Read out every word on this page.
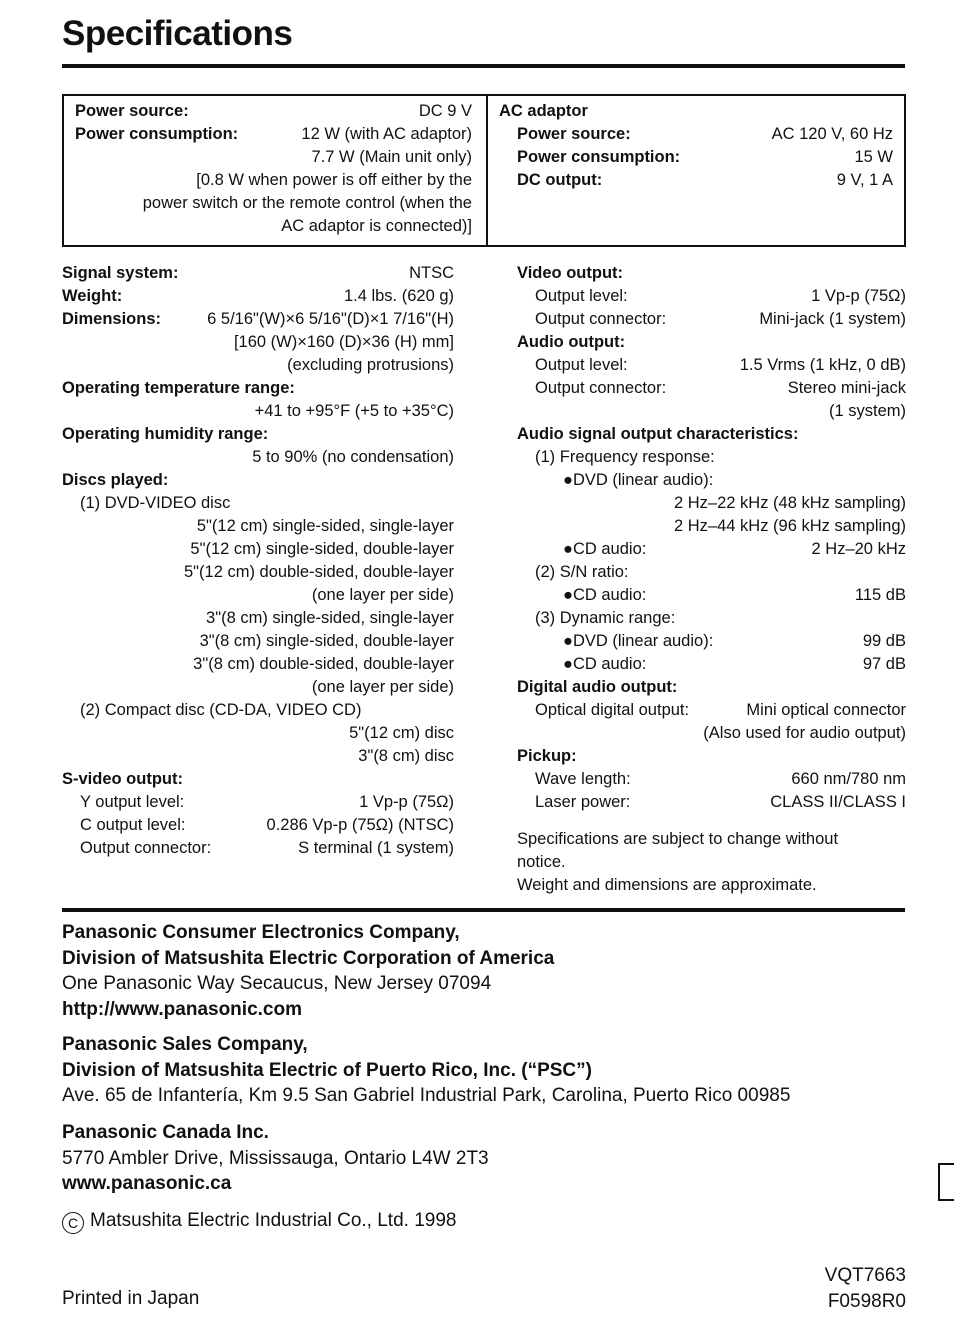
Specifications
Power source:	DC 9 V
Power consumption:	12 W (with AC adaptor)
7.7 W (Main unit only)
[0.8 W when power is off either by the
power switch or the remote control (when the
AC adaptor is connected)]
AC adaptor
Power source:	AC 120 V, 60 Hz
Power consumption:	15 W
DC output:	9 V, 1 A
Signal system:	NTSC
Weight:	1.4 lbs. (620 g)
Dimensions:	6 5/16"(W)×6 5/16"(D)×1 7/16"(H)
[160 (W)×160 (D)×36 (H) mm]
(excluding protrusions)
Operating temperature range:
+41 to +95°F (+5 to +35°C)
Operating humidity range:
5 to 90% (no condensation)
Discs played:
(1) DVD-VIDEO disc
5"(12 cm) single-sided, single-layer
5"(12 cm) single-sided, double-layer
5"(12 cm) double-sided, double-layer
(one layer per side)
3"(8 cm) single-sided, single-layer
3"(8 cm) single-sided, double-layer
3"(8 cm) double-sided, double-layer
(one layer per side)
(2) Compact disc (CD-DA, VIDEO CD)
5"(12 cm) disc
3"(8 cm) disc
S-video output:
Y output level:	1 Vp-p (75Ω)
C output level:	0.286 Vp-p (75Ω) (NTSC)
Output connector:	S terminal (1 system)
Video output:
Output level:	1 Vp-p (75Ω)
Output connector:	Mini-jack (1 system)
Audio output:
Output level:	1.5 Vrms (1 kHz, 0 dB)
Output connector:	Stereo mini-jack
(1 system)
Audio signal output characteristics:
(1) Frequency response:
●DVD (linear audio):
2 Hz–22 kHz (48 kHz sampling)
2 Hz–44 kHz (96 kHz sampling)
●CD audio:	2 Hz–20 kHz
(2) S/N ratio:
●CD audio:	115 dB
(3) Dynamic range:
●DVD (linear audio):	99 dB
●CD audio:	97 dB
Digital audio output:
Optical digital output:	Mini optical connector
(Also used for audio output)
Pickup:
Wave length:	660 nm/780 nm
Laser power:	CLASS II/CLASS I
Specifications are subject to change without
notice.
Weight and dimensions are approximate.
Panasonic Consumer Electronics Company,
Division of Matsushita Electric Corporation of America
One Panasonic Way Secaucus, New Jersey 07094
http://www.panasonic.com
Panasonic Sales Company,
Division of Matsushita Electric of Puerto Rico, Inc. (“PSC”)
Ave. 65 de Infantería, Km 9.5 San Gabriel Industrial Park, Carolina, Puerto Rico 00985
Panasonic Canada Inc.
5770 Ambler Drive, Mississauga, Ontario L4W 2T3
www.panasonic.ca
C Matsushita Electric Industrial Co., Ltd. 1998
Printed in Japan
VQT7663
F0598R0
